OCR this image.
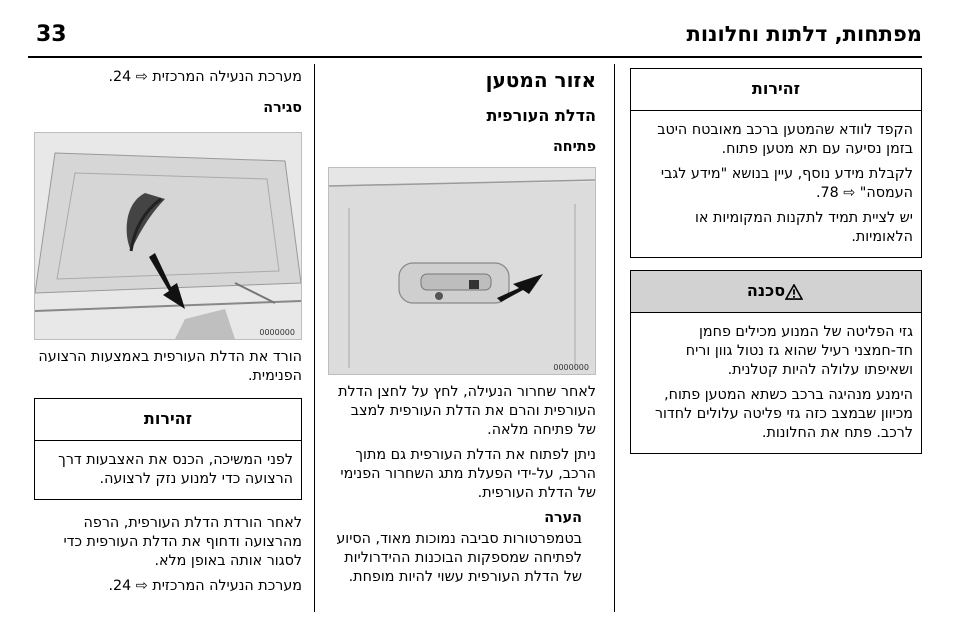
מפתחות, דלתות וחלונות
33
זהירות

הקפד לוודא שהמטען ברכב מאובטח היטב בזמן נסיעה עם תא מטען פתוח.

לקבלת מידע נוסף, עיין בנושא "מידע לגבי העמסה" ⇨ 78.

יש לציית תמיד לתקנות המקומיות או הלאומיות.

סכנה

גזי הפליטה של המנוע מכילים פחמן חד-חמצני רעיל שהוא גז נטול גוון וריח ושאיפתו עלולה להיות קטלנית.

הימנע מנהיגה ברכב כשתא המטען פתוח, מכיוון שבמצב כזה גזי פליטה עלולים לחדור לרכב. פתח את החלונות.

אזור המטען
הדלת העורפית
פתיחה
0000000

לאחר שחרור הנעילה, לחץ על לחצן הדלת העורפית והרם את הדלת העורפית למצב של פתיחה מלאה.

ניתן לפתוח את הדלת העורפית גם מתוך הרכב, על-ידי הפעלת מתג השחרור הפנימי של הדלת העורפית.

הערה

בטמפרטורות סביבה נמוכות מאוד, הסיוע לפתיחה שמספקות הבוכנות ההידרוליות של הדלת העורפית עשוי להיות מופחת.

מערכת הנעילה המרכזית ⇨ 24.

סגירה
0000000

הורד את הדלת העורפית באמצעות הרצועה הפנימית.

זהירות

לפני המשיכה, הכנס את האצבעות דרך הרצועה כדי למנוע נזק לרצועה.

לאחר הורדת הדלת העורפית, הרפה מהרצועה ודחוף את הדלת העורפית כדי לסגור אותה באופן מלא.

מערכת הנעילה המרכזית ⇨ 24.
